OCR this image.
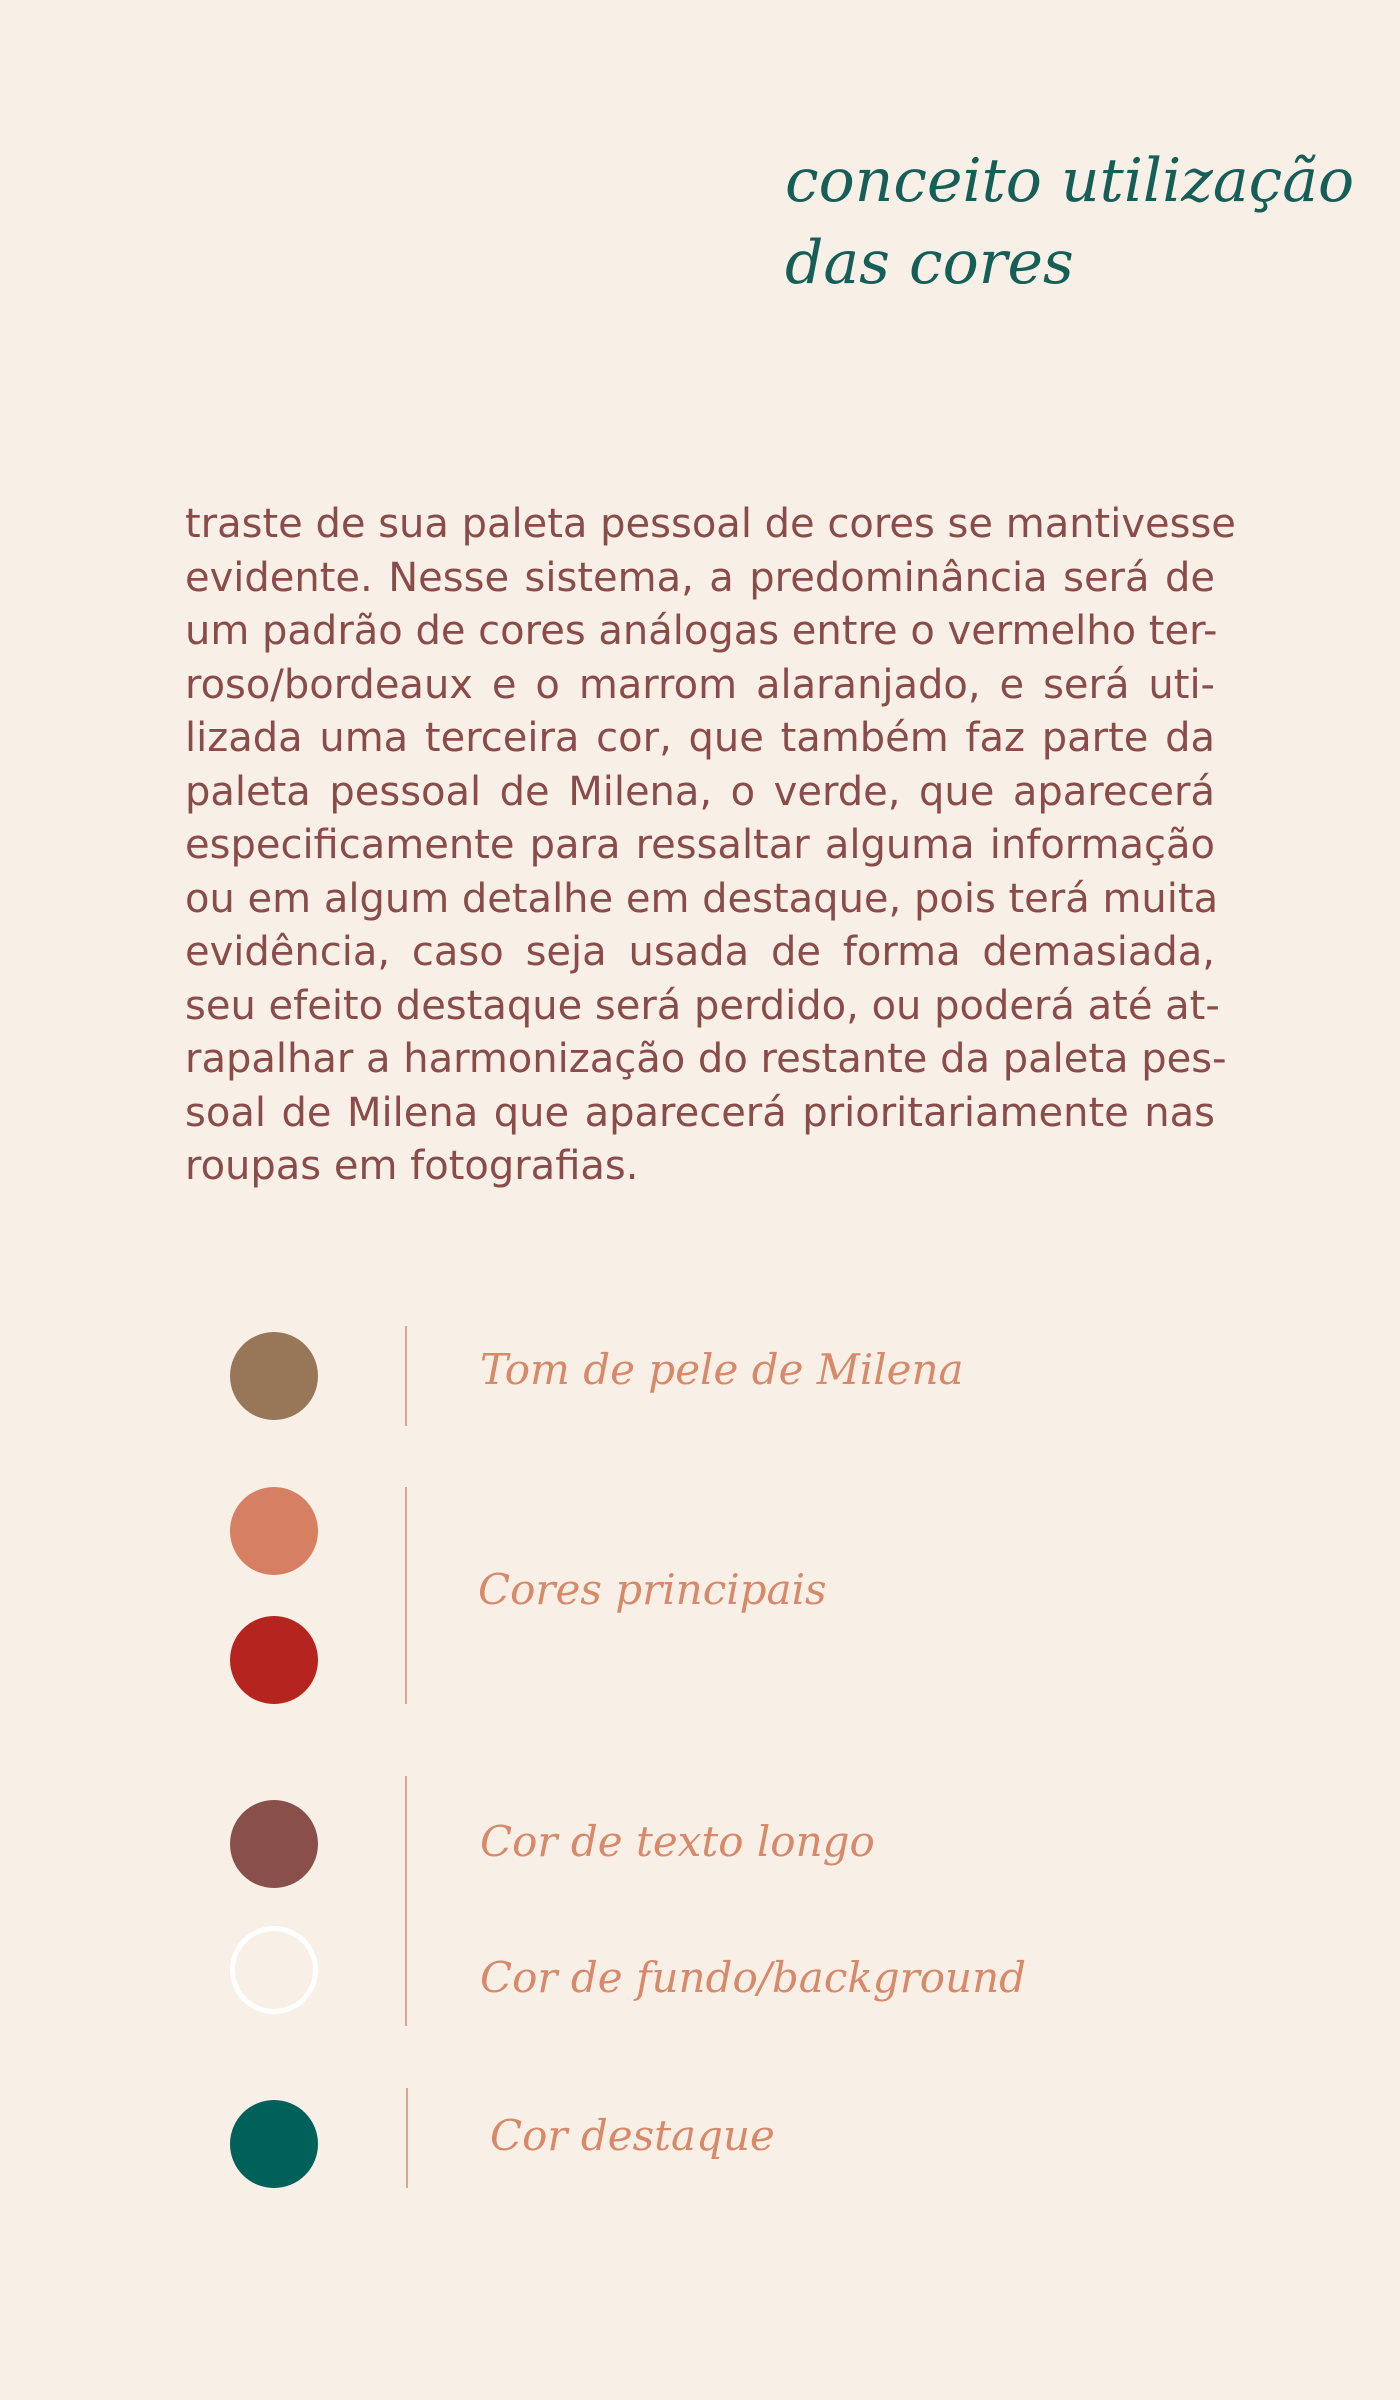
conceito utilização
das cores
traste de sua paleta pessoal de cores se mantivesse
evidente. Nesse sistema, a predominância será de
um padrão de cores análogas entre o vermelho ter-
roso/bordeaux e o marrom alaranjado, e será uti-
lizada uma terceira cor, que também faz parte da
paleta pessoal de Milena, o verde, que aparecerá
especificamente para ressaltar alguma informação
ou em algum detalhe em destaque, pois terá muita
evidência, caso seja usada de forma demasiada,
seu efeito destaque será perdido, ou poderá até at-
rapalhar a harmonização do restante da paleta pes-
soal de Milena que aparecerá prioritariamente nas
roupas em fotografias.
Tom de pele de Milena
Cores principais
Cor de texto longo
Cor de fundo/background
Cor destaque
